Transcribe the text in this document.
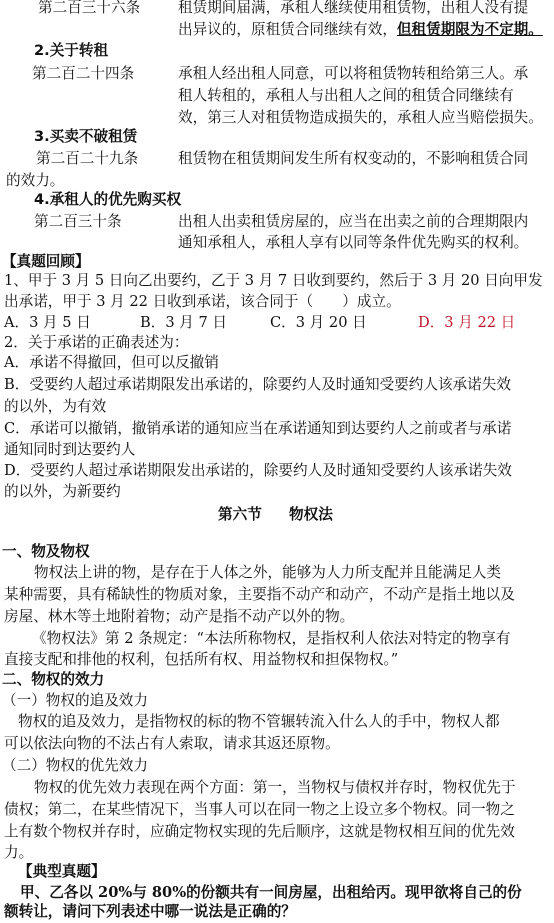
第二百三十六条	租赁期间届满，承租人继续使用租赁物，出租人没有提
出异议的，原租赁合同继续有效，但租赁期限为不定期。
2.关于转租
第二百二十四条	承租人经出租人同意，可以将租赁物转租给第三人。承
租人转租的，承租人与出租人之间的租赁合同继续有
效，第三人对租赁物造成损失的，承租人应当赔偿损失。
3.买卖不破租赁
第二百二十九条	租赁物在租赁期间发生所有权变动的，不影响租赁合同
的效力。
4.承租人的优先购买权
第二百三十条	出租人出卖租赁房屋的，应当在出卖之前的合理期限内
通知承租人，承租人享有以同等条件优先购买的权利。
【真题回顾】
1、甲于 3 月 5 日向乙出要约，乙于 3 月 7 日收到要约，然后于 3 月 20 日向甲发
出承诺，甲于 3 月 22 日收到承诺，该合同于（　　）成立。
A．3 月 5 日	B．3 月 7 日	C．3 月 20 日	D．3 月 22 日
2．关于承诺的正确表述为：
A．承诺不得撤回，但可以反撤销
B．受要约人超过承诺期限发出承诺的，除要约人及时通知受要约人该承诺失效
的以外，为有效
C．承诺可以撤销，撤销承诺的通知应当在承诺通知到达要约人之前或者与承诺
通知同时到达要约人
D．受要约人超过承诺期限发出承诺的，除要约人及时通知受要约人该承诺失效
的以外，为新要约
第六节 物权法
一、物及物权
物权法上讲的物，是存在于人体之外，能够为人力所支配并且能满足人类
某种需要，具有稀缺性的物质对象，主要指不动产和动产，不动产是指土地以及
房屋、林木等土地附着物；动产是指不动产以外的物。
《物权法》第 2 条规定：“本法所称物权，是指权利人依法对特定的物享有
直接支配和排他的权利，包括所有权、用益物权和担保物权。”
二、物权的效力
（一）物权的追及效力
物权的追及效力，是指物权的标的物不管辗转流入什么人的手中，物权人都
可以依法向物的不法占有人索取，请求其返还原物。
（二）物权的优先效力
物权的优先效力表现在两个方面：第一，当物权与债权并存时，物权优先于
债权；第二，在某些情况下，当事人可以在同一物之上设立多个物权。同一物之
上有数个物权并存时，应确定物权实现的先后顺序，这就是物权相互间的优先效
力。
【典型真题】
甲、乙各以 20%与 80%的份额共有一间房屋，出租给丙。现甲欲将自己的份
额转让，请问下列表述中哪一说法是正确的？
